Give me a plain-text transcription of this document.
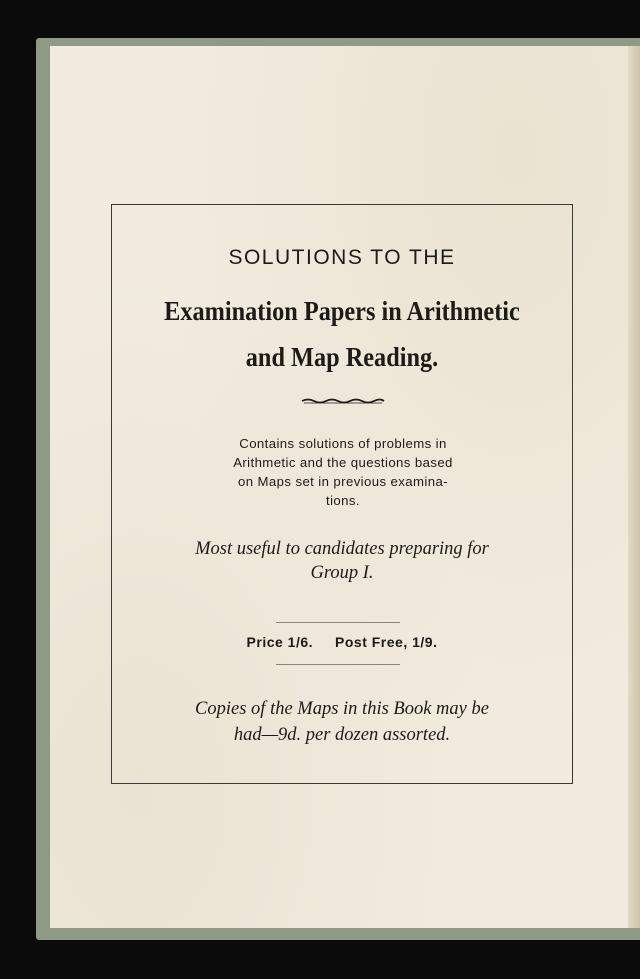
SOLUTIONS TO THE

Examination Papers in Arithmetic
and Map Reading.
Contains solutions of problems in
Arithmetic and the questions based
on Maps set in previous examina-
tions.
Most useful to candidates preparing for
Group I.

Price 1/6. Post Free, 1/9.

Copies of the Maps in this Book may be
had—9d. per dozen assorted.
